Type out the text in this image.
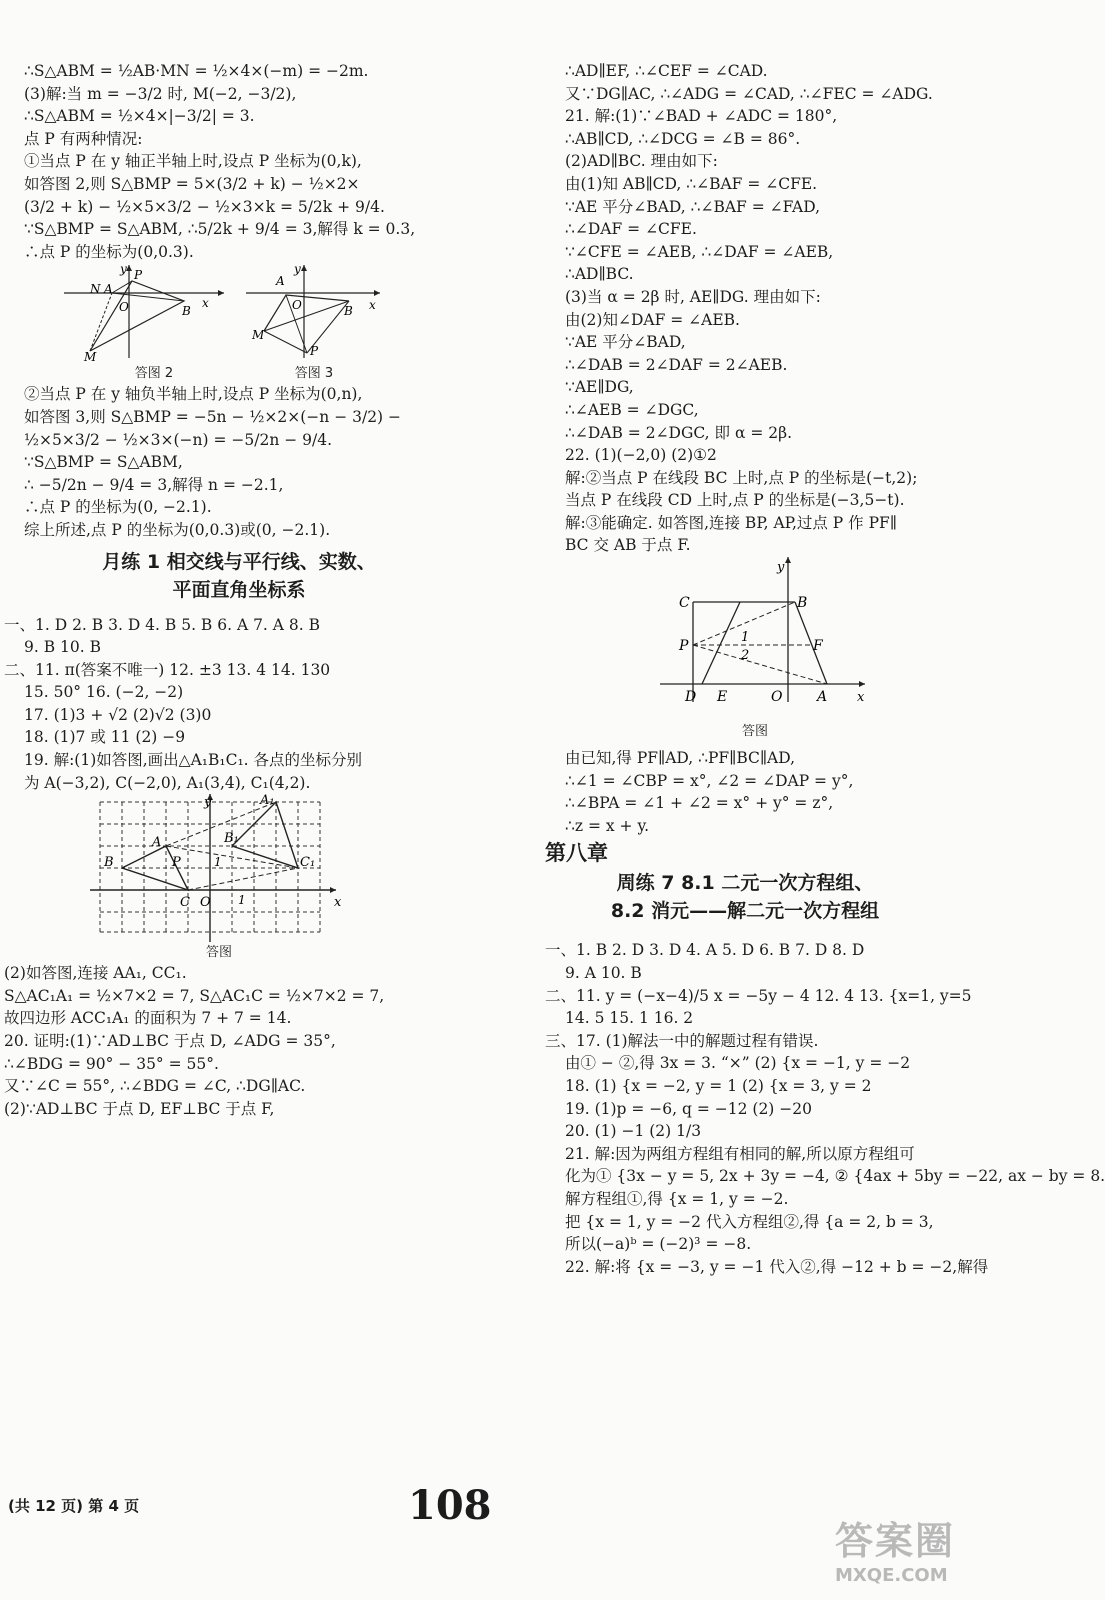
∴S△ABM = ½AB·MN = ½×4×(−m) = −2m.
(3)解:当 m = −3/2 时, M(−2, −3/2),
∴S△ABM = ½×4×|−3/2| = 3.
点 P 有两种情况:
①当点 P 在 y 轴正半轴上时,设点 P 坐标为(0,k),
如答图 2,则 S△BMP = 5×(3/2 + k) − ½×2×
(3/2 + k) − ½×5×3/2 − ½×3×k = 5/2k + 9/4.
∵S△BMP = S△ABM, ∴5/2k + 9/4 = 3,解得 k = 0.3,
∴点 P 的坐标为(0,0.3).
y P
N A
O	B
x
M
y
A
O	B x
P
M
答图 2	答图 3
②当点 P 在 y 轴负半轴上时,设点 P 坐标为(0,n),
如答图 3,则 S△BMP = −5n − ½×2×(−n − 3/2) −
½×5×3/2 − ½×3×(−n) = −5/2n − 9/4.
∵S△BMP = S△ABM,
∴ −5/2n − 9/4 = 3,解得 n = −2.1,
∴点 P 的坐标为(0, −2.1).
综上所述,点 P 的坐标为(0,0.3)或(0, −2.1).
月练 1 相交线与平行线、实数、
平面直角坐标系
一、1. D 2. B 3. D 4. B 5. B 6. A 7. A 8. B
9. B 10. B
二、11. π(答案不唯一) 12. ±3 13. 4 14. 130
15. 50° 16. (−2, −2)
17. (1)3 + √2 (2)√2 (3)0
18. (1)7 或 11 (2) −9
19. 解:(1)如答图,画出△A₁B₁C₁. 各点的坐标分别
为 A(−3,2), C(−2,0), A₁(3,4), C₁(4,2).
y	A₁
A	B₁
B	P	1	C₁
C O 1	x
答图
(2)如答图,连接 AA₁, CC₁.
S△AC₁A₁ = ½×7×2 = 7, S△AC₁C = ½×7×2 = 7,
故四边形 ACC₁A₁ 的面积为 7 + 7 = 14.
20. 证明:(1)∵AD⊥BC 于点 D, ∠ADG = 35°,
∴∠BDG = 90° − 35° = 55°.
又∵∠C = 55°, ∴∠BDG = ∠C, ∴DG∥AC.
(2)∵AD⊥BC 于点 D, EF⊥BC 于点 F,
∴AD∥EF, ∴∠CEF = ∠CAD.
又∵DG∥AC, ∴∠ADG = ∠CAD, ∴∠FEC = ∠ADG.
21. 解:(1)∵∠BAD + ∠ADC = 180°,
∴AB∥CD, ∴∠DCG = ∠B = 86°.
(2)AD∥BC. 理由如下:
由(1)知 AB∥CD, ∴∠BAF = ∠CFE.
∵AE 平分∠BAD, ∴∠BAF = ∠FAD,
∴∠DAF = ∠CFE.
∵∠CFE = ∠AEB, ∴∠DAF = ∠AEB,
∴AD∥BC.
(3)当 α = 2β 时, AE∥DG. 理由如下:
由(2)知∠DAF = ∠AEB.
∵AE 平分∠BAD,
∴∠DAB = 2∠DAF = 2∠AEB.
∵AE∥DG,
∴∠AEB = ∠DGC,
∴∠DAB = 2∠DGC, 即 α = 2β.
22. (1)(−2,0) (2)①2
解:②当点 P 在线段 BC 上时,点 P 的坐标是(−t,2);
当点 P 在线段 CD 上时,点 P 的坐标是(−3,5−t).
解:③能确定. 如答图,连接 BP, AP,过点 P 作 PF∥
BC 交 AB 于点 F.
y
C	B
P
1
2
F
D E	O A x
答图
由已知,得 PF∥AD, ∴PF∥BC∥AD,
∴∠1 = ∠CBP = x°, ∠2 = ∠DAP = y°,
∴∠BPA = ∠1 + ∠2 = x° + y° = z°,
∴z = x + y.
第八章
周练 7 8.1 二元一次方程组、
8.2 消元——解二元一次方程组
一、1. B 2. D 3. D 4. A 5. D 6. B 7. D 8. D
9. A 10. B
二、11. y = (−x−4)/5 x = −5y − 4 12. 4 13. {x=1, y=5
14. 5 15. 1 16. 2
三、17. (1)解法一中的解题过程有错误.
由① − ②,得 3x = 3. “×” (2) {x = −1, y = −2
18. (1) {x = −2, y = 1 (2) {x = 3, y = 2
19. (1)p = −6, q = −12 (2) −20
20. (1) −1 (2) 1/3
21. 解:因为两组方程组有相同的解,所以原方程组可
化为① {3x − y = 5, 2x + 3y = −4, ② {4ax + 5by = −22, ax − by = 8.
解方程组①,得 {x = 1, y = −2.
把 {x = 1, y = −2 代入方程组②,得 {a = 2, b = 3,
所以(−a)ᵇ = (−2)³ = −8.
22. 解:将 {x = −3, y = −1 代入②,得 −12 + b = −2,解得
(共 12 页) 第 4 页	108
答案圈
MXQE.COM
